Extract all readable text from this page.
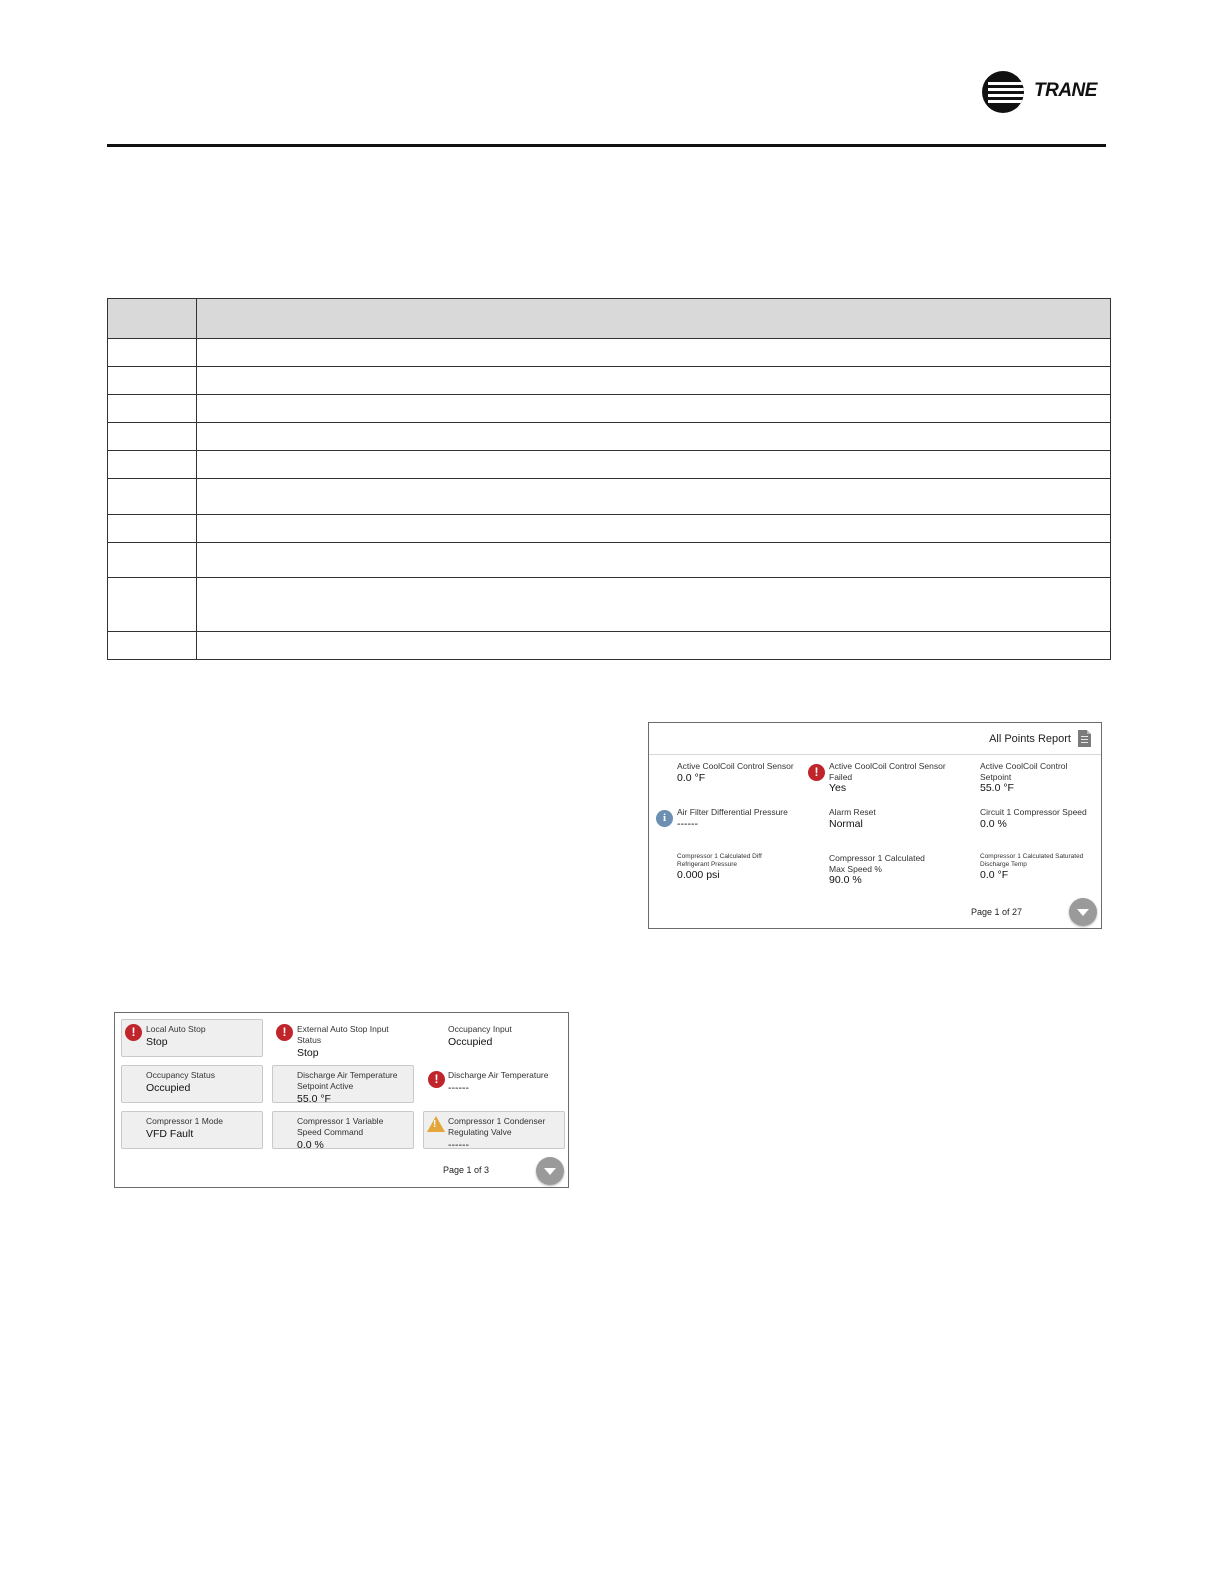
TRANE

All Points Report
Active CoolCoil Control Sensor
0.0 °F	!	Active CoolCoil Control Sensor Failed
Yes
Active CoolCoil Control Setpoint
55.0 °F
i	Air Filter Differential Pressure
------
Alarm Reset
Normal
Circuit 1 Compressor Speed
0.0 %
Compressor 1 Calculated Diff Refrigerant Pressure
0.000 psi
Compressor 1 Calculated Max Speed %
90.0 %
Compressor 1 Calculated Saturated Discharge Temp
0.0 °F
Page 1 of 27
!	Local Auto Stop
Stop
!	External Auto Stop Input Status
Stop
Occupancy Input
Occupied
Occupancy Status
Occupied
Discharge Air Temperature Setpoint Active
55.0 °F
!	Discharge Air Temperature
------
Compressor 1 Mode
VFD Fault
Compressor 1 Variable Speed Command
0.0 %
! Compressor 1 Condenser Regulating Valve
------
Page 1 of 3
